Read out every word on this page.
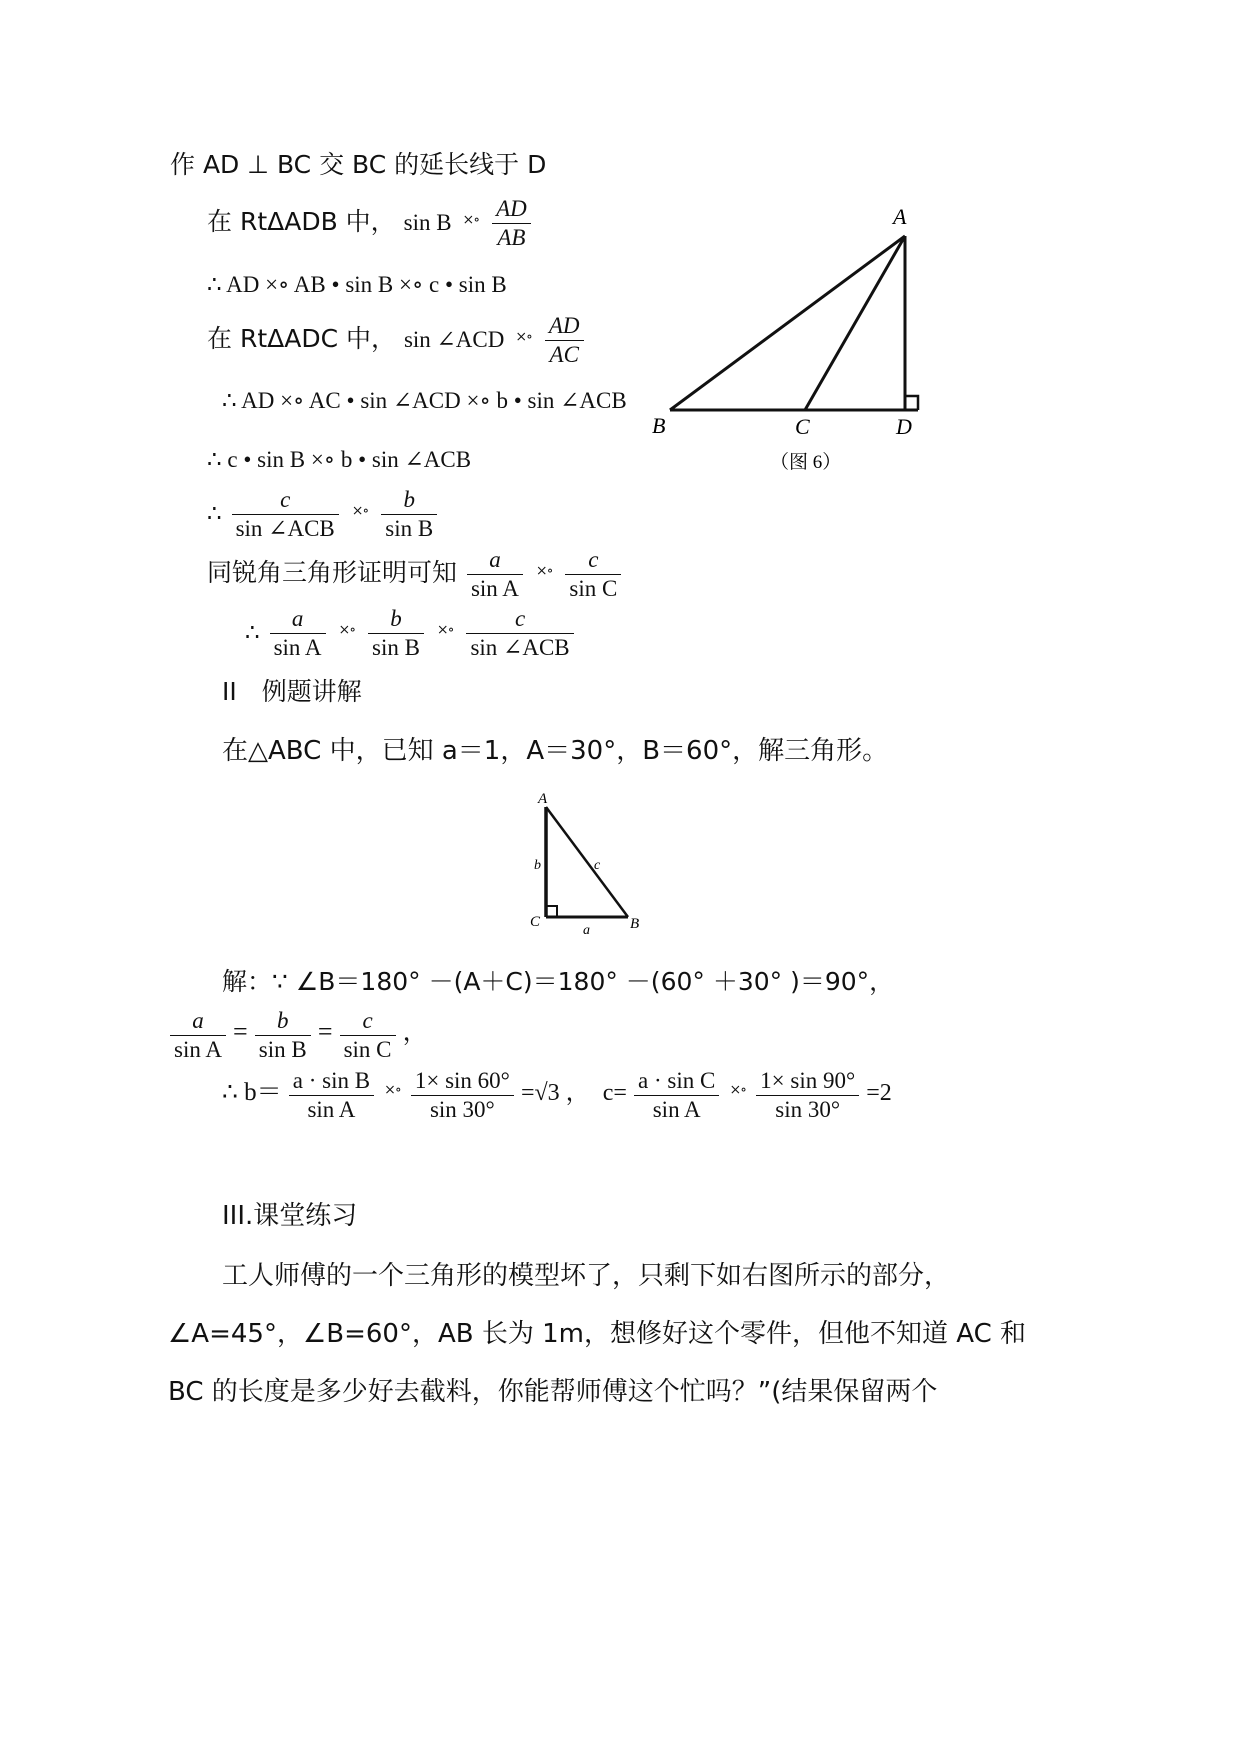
作 AD ⊥ BC 交 BC 的延长线于 D
在 RtΔADB 中， sin B $^{\times\circ} \frac{AD}{AB}$
∴ AD ×∘ AB • sin B ×∘ c • sin B
在 RtΔADC 中， sin ∠ACD $^{\times\circ} \frac{AD}{AC}$
∴ AD ×∘ AC • sin ∠ACD ×∘ b • sin ∠ACB
∴ c • sin B ×∘ b • sin ∠ACB
∴ $\frac{c}{\text{sin ∠ACB}} ^{\times\circ} \frac{b}{\text{sin B}}$
同锐角三角形证明可知 $\frac{a}{\text{sin A}} ^{\times\circ} \frac{c}{\text{sin C}}$
∴ $\frac{a}{\text{sin A}} ^{\times\circ} \frac{b}{\text{sin B}} ^{\times\circ} \frac{c}{\text{sin ∠ACB}}$
A
B	C	D
（图 6）
II　例题讲解
在△ABC 中，已知 a＝1，A＝30°，B＝60°，解三角形。
A
B
C
a
b	c
解：∵ ∠B＝180° －(A＋C)＝180° －(60° ＋30° )＝90°，
$\frac{a}{\text{sin A}} = \frac{b}{\text{sin B}} = \frac{c}{\text{sin C}}$ ，
∴ $b= \frac{\text{a · sin B}}{\text{sin A}}$ ×∘ $\frac{1\times \sin 60^\circ}{\sin 30^\circ} =√3$ ， $c= \frac{\text{a · sin C}}{\text{sin A}}$ ×∘ $\frac{1\times \sin 90^\circ}{\sin 30^\circ} =2$
III.课堂练习
工人师傅的一个三角形的模型坏了，只剩下如右图所示的部分，
∠A=45°，∠B=60°，AB 长为 1m，想修好这个零件，但他不知道 AC 和
BC 的长度是多少好去截料，你能帮师傅这个忙吗？”(结果保留两个
